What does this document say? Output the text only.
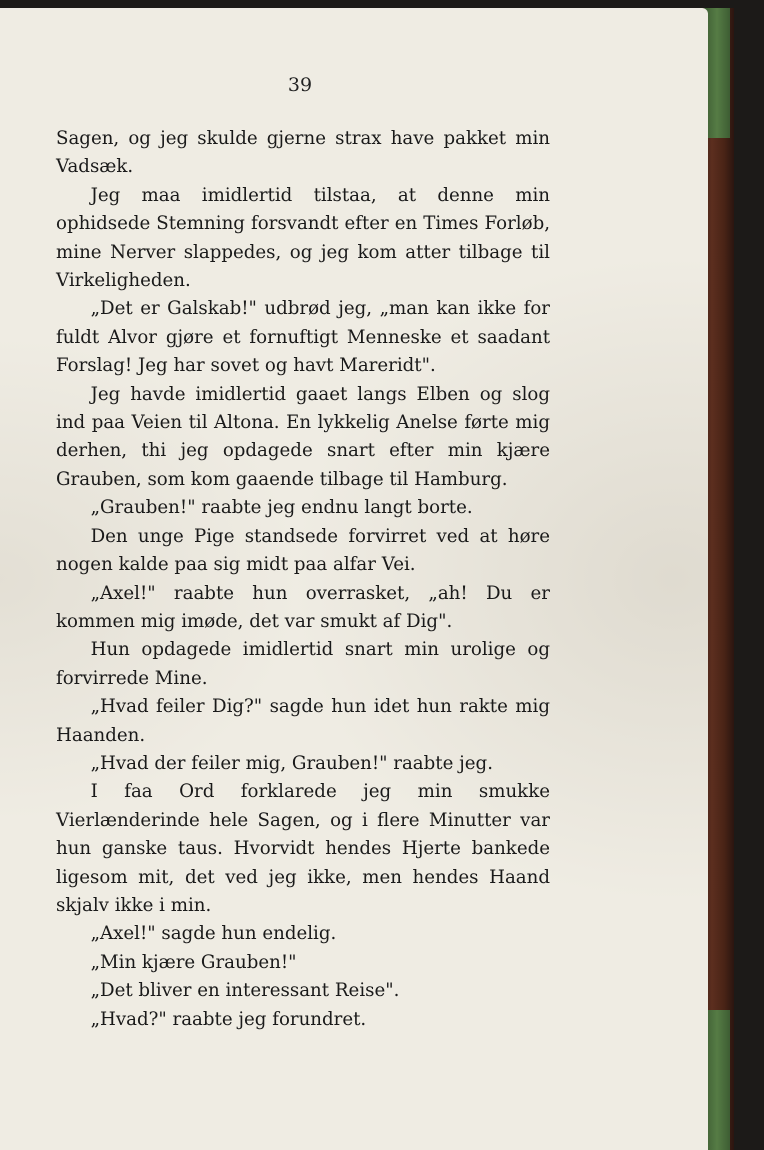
39

Sagen, og jeg skulde gjerne strax have pakket min Vadsæk.

Jeg maa imidlertid tilstaa, at denne min ophidsede Stemning forsvandt efter en Times Forløb, mine Nerver slappedes, og jeg kom atter tilbage til Virkeligheden.

„Det er Galskab!" udbrød jeg, „man kan ikke for fuldt Alvor gjøre et fornuftigt Menneske et saadant Forslag! Jeg har sovet og havt Mareridt".

Jeg havde imidlertid gaaet langs Elben og slog ind paa Veien til Altona. En lykkelig Anelse førte mig derhen, thi jeg opdagede snart efter min kjære Grauben, som kom gaaende tilbage til Hamburg.

„Grauben!" raabte jeg endnu langt borte.

Den unge Pige standsede forvirret ved at høre nogen kalde paa sig midt paa alfar Vei.

„Axel!" raabte hun overrasket, „ah! Du er kommen mig imøde, det var smukt af Dig".

Hun opdagede imidlertid snart min urolige og forvirrede Mine.

„Hvad feiler Dig?" sagde hun idet hun rakte mig Haanden.

„Hvad der feiler mig, Grauben!" raabte jeg.

I faa Ord forklarede jeg min smukke Vierlænderinde hele Sagen, og i flere Minutter var hun ganske taus. Hvorvidt hendes Hjerte bankede ligesom mit, det ved jeg ikke, men hendes Haand skjalv ikke i min.

„Axel!" sagde hun endelig.

„Min kjære Grauben!"

„Det bliver en interessant Reise".

„Hvad?" raabte jeg forundret.
